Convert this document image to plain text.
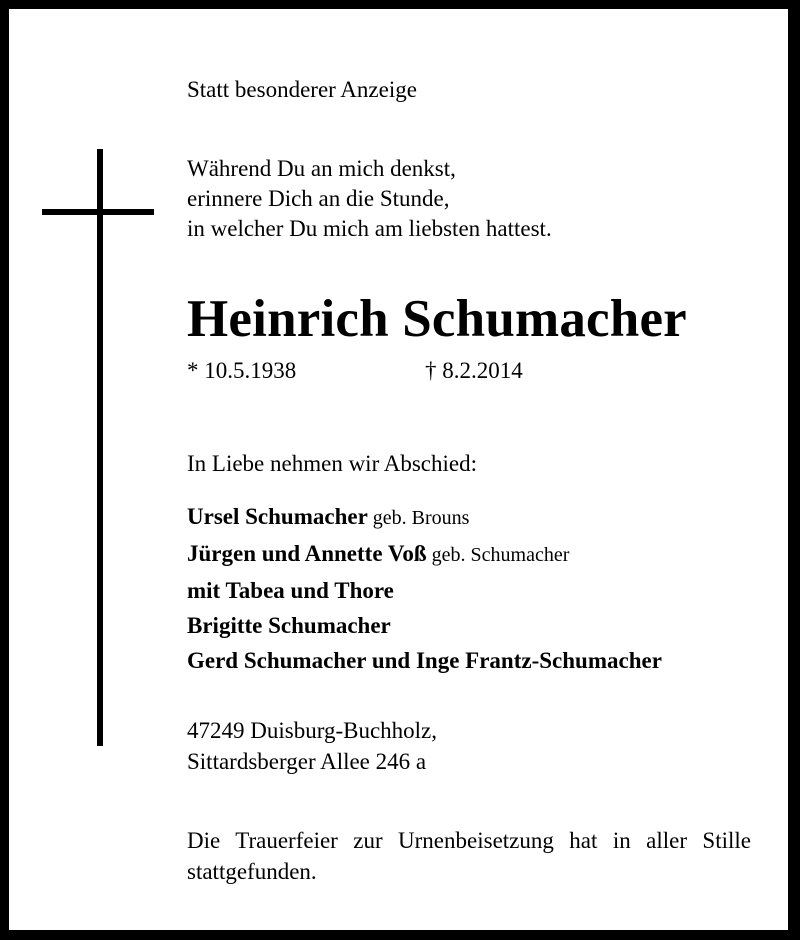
Statt besonderer Anzeige

Während Du an mich denkst,
erinnere Dich an die Stunde,
in welcher Du mich am liebsten hattest.
Heinrich Schumacher
* 10.5.1938	† 8.2.2014

In Liebe nehmen wir Abschied:

Ursel Schumacher geb. Brouns
Jürgen und Annette Voß geb. Schumacher
mit Tabea und Thore
Brigitte Schumacher
Gerd Schumacher und Inge Frantz-Schumacher
47249 Duisburg-Buchholz,
Sittardsberger Allee 246 a

Die Trauerfeier zur Urnenbeisetzung hat in aller Stille stattgefunden.
